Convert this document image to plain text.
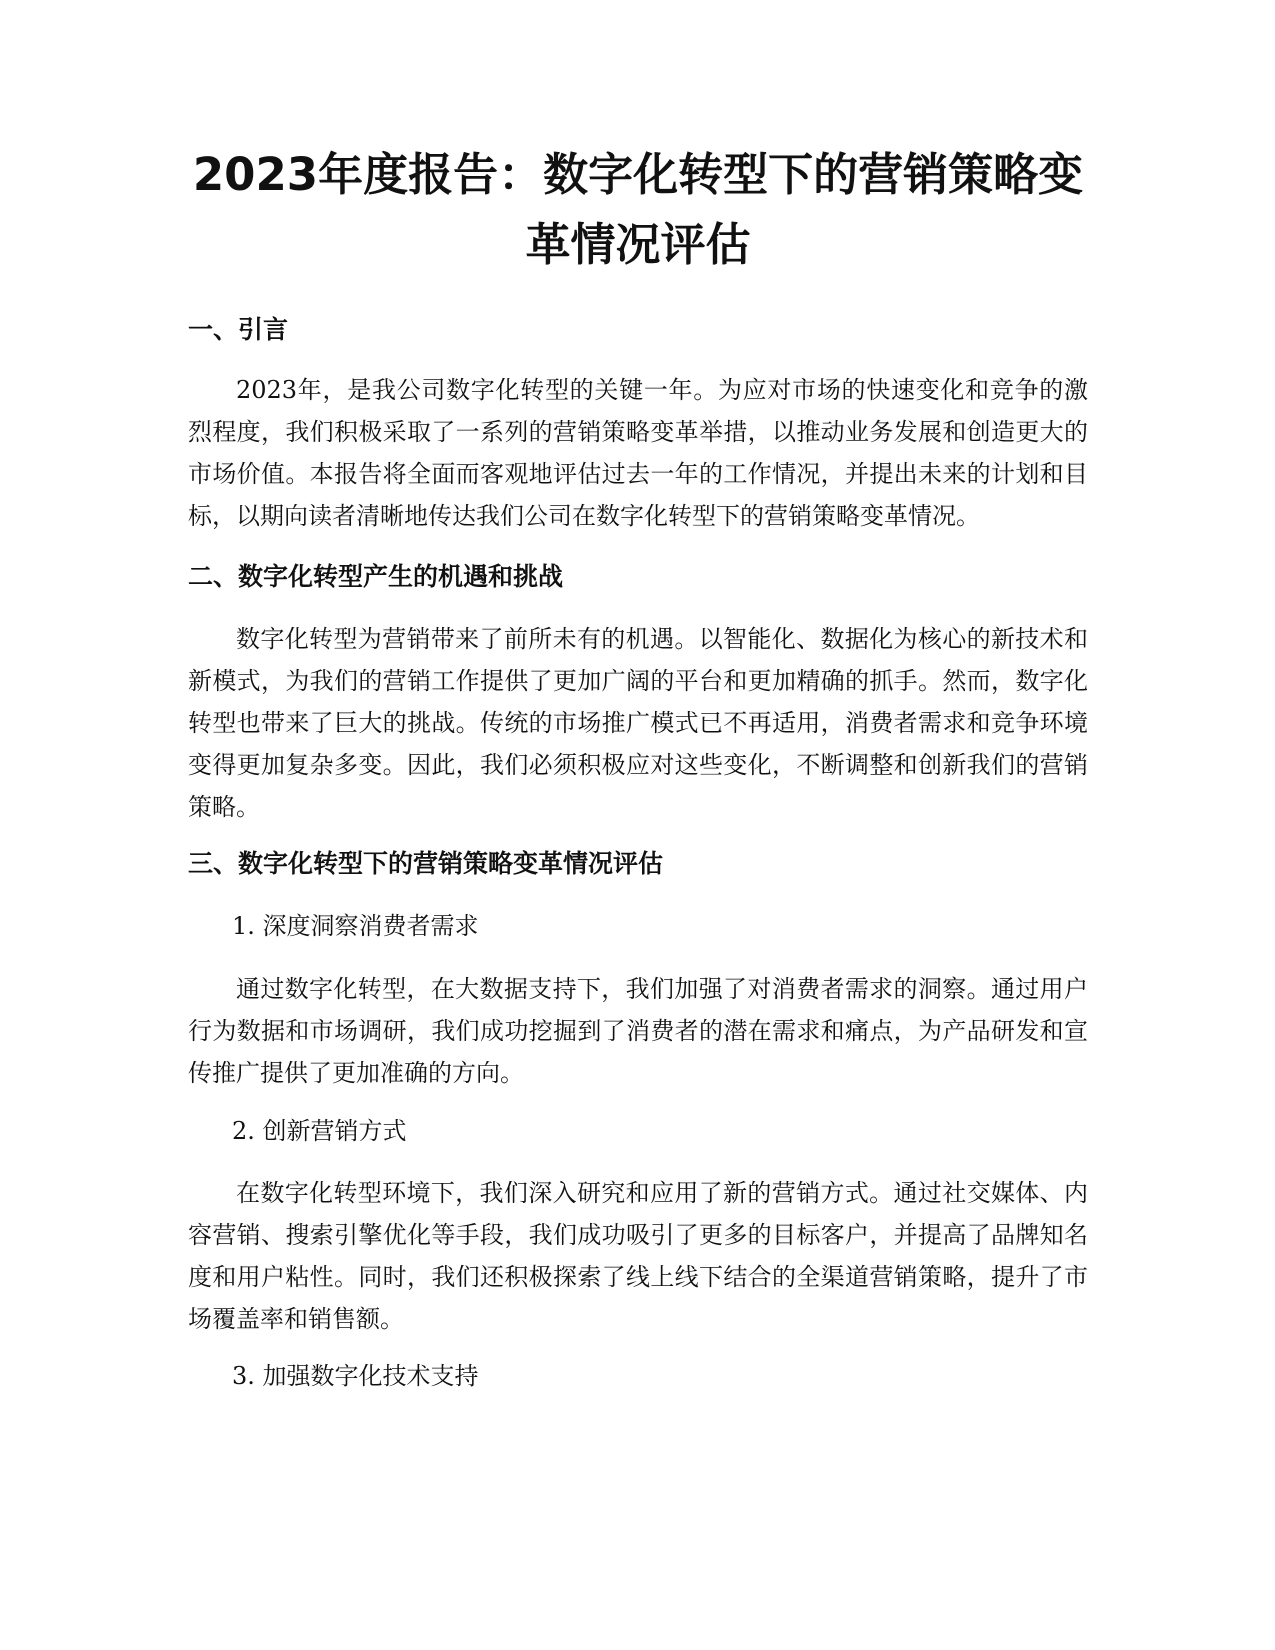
2023年度报告：数字化转型下的营销策略变革情况评估
一、引言

2023年，是我公司数字化转型的关键一年。为应对市场的快速变化和竞争的激烈程度，我们积极采取了一系列的营销策略变革举措，以推动业务发展和创造更大的市场价值。本报告将全面而客观地评估过去一年的工作情况，并提出未来的计划和目标，以期向读者清晰地传达我们公司在数字化转型下的营销策略变革情况。

二、数字化转型产生的机遇和挑战

数字化转型为营销带来了前所未有的机遇。以智能化、数据化为核心的新技术和新模式，为我们的营销工作提供了更加广阔的平台和更加精确的抓手。然而，数字化转型也带来了巨大的挑战。传统的市场推广模式已不再适用，消费者需求和竞争环境变得更加复杂多变。因此，我们必须积极应对这些变化，不断调整和创新我们的营销策略。

三、数字化转型下的营销策略变革情况评估

1. 深度洞察消费者需求

通过数字化转型，在大数据支持下，我们加强了对消费者需求的洞察。通过用户行为数据和市场调研，我们成功挖掘到了消费者的潜在需求和痛点，为产品研发和宣传推广提供了更加准确的方向。

2. 创新营销方式

在数字化转型环境下，我们深入研究和应用了新的营销方式。通过社交媒体、内容营销、搜索引擎优化等手段，我们成功吸引了更多的目标客户，并提高了品牌知名度和用户粘性。同时，我们还积极探索了线上线下结合的全渠道营销策略，提升了市场覆盖率和销售额。

3. 加强数字化技术支持
